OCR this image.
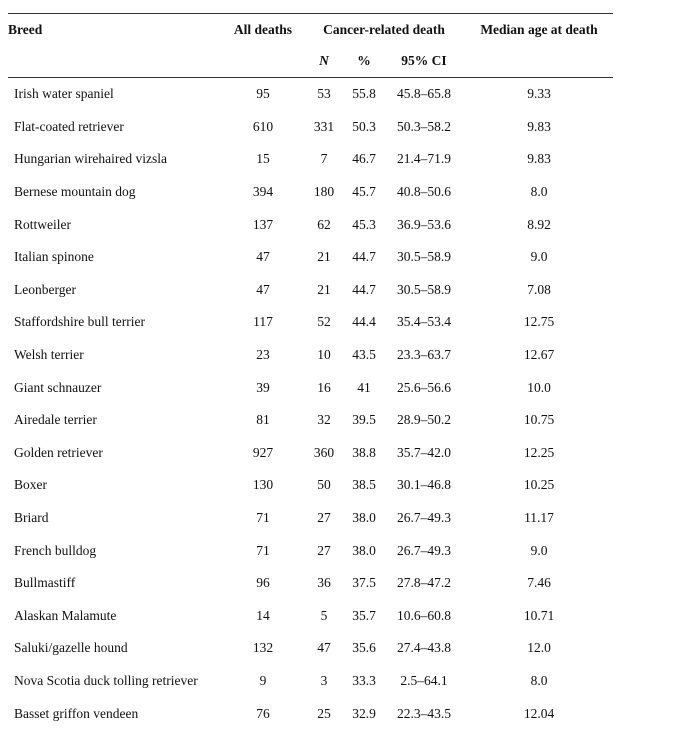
Breed	All deaths	Cancer-related death			Median age at death
		N	%	95% CI	
Irish water spaniel	95	53	55.8	45.8–65.8	9.33
Flat-coated retriever	610	331	50.3	50.3–58.2	9.83
Hungarian wirehaired vizsla	15	7	46.7	21.4–71.9	9.83
Bernese mountain dog	394	180	45.7	40.8–50.6	8.0
Rottweiler	137	62	45.3	36.9–53.6	8.92
Italian spinone	47	21	44.7	30.5–58.9	9.0
Leonberger	47	21	44.7	30.5–58.9	7.08
Staffordshire bull terrier	117	52	44.4	35.4–53.4	12.75
Welsh terrier	23	10	43.5	23.3–63.7	12.67
Giant schnauzer	39	16	41	25.6–56.6	10.0
Airedale terrier	81	32	39.5	28.9–50.2	10.75
Golden retriever	927	360	38.8	35.7–42.0	12.25
Boxer	130	50	38.5	30.1–46.8	10.25
Briard	71	27	38.0	26.7–49.3	11.17
French bulldog	71	27	38.0	26.7–49.3	9.0
Bullmastiff	96	36	37.5	27.8–47.2	7.46
Alaskan Malamute	14	5	35.7	10.6–60.8	10.71
Saluki/gazelle hound	132	47	35.6	27.4–43.8	12.0
Nova Scotia duck tolling retriever	9	3	33.3	2.5–64.1	8.0
Basset griffon vendeen	76	25	32.9	22.3–43.5	12.04
